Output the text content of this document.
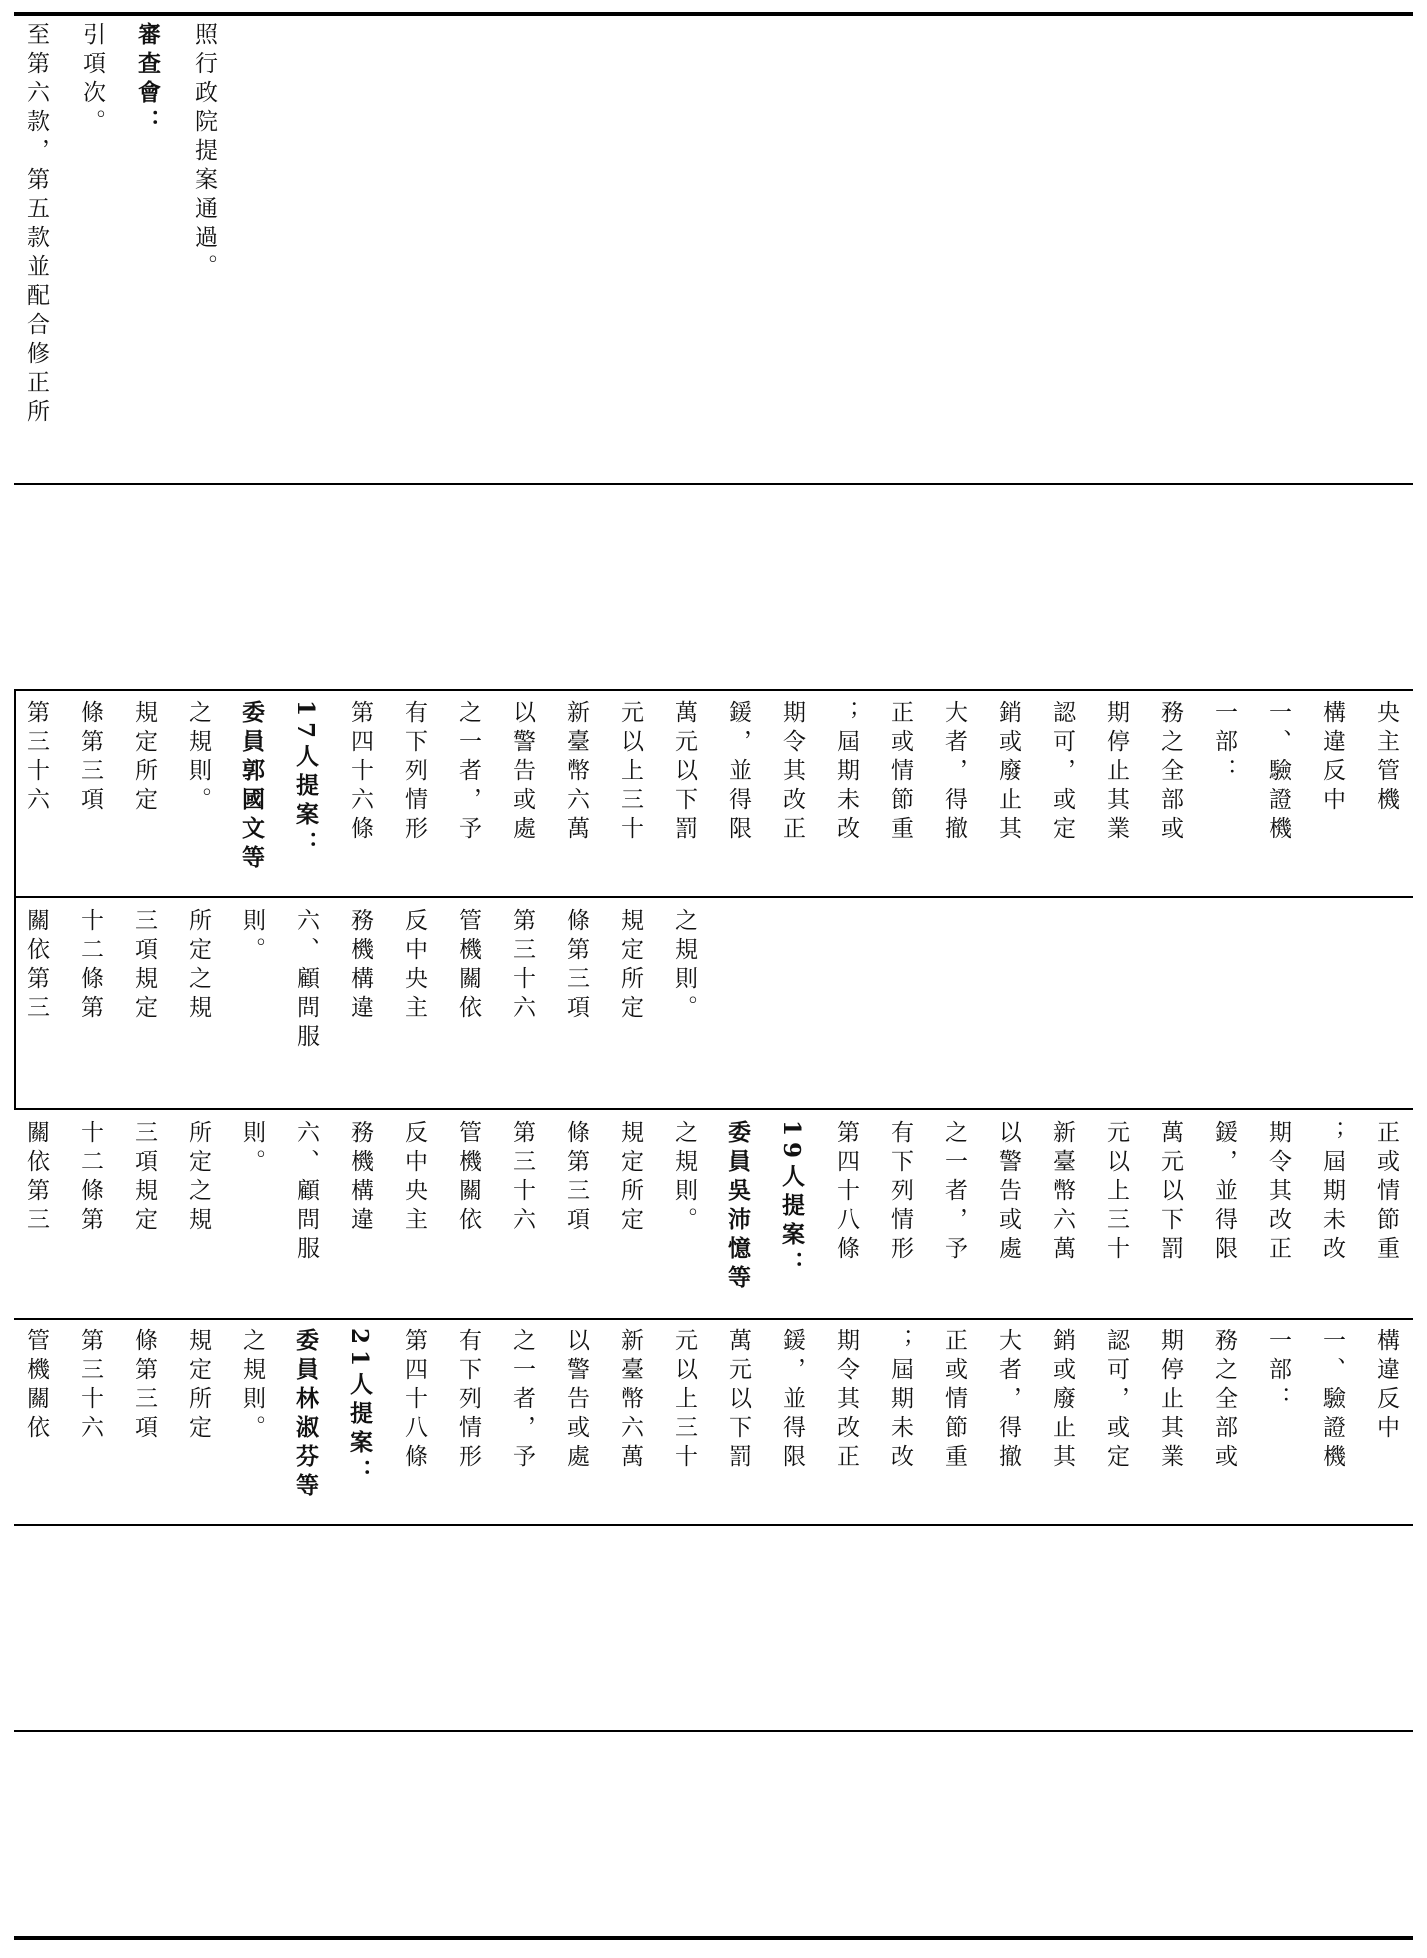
至第六款，第五款並配合修正所 引項次。 審查會： 照行政院提案通過。
第三十六 條第三項 規定所定 之規則。 委員郭國文等 17人提案： 第四十六條 有下列情形 之一者，予 以警告或處 新臺幣六萬 元以上三十 萬元以下罰 鍰，並得限 期令其改正 ；屆期未改 正或情節重 大者，得撤 銷或廢止其 認可，或定 期停止其業 務之全部或 一部： 一、驗證機 構違反中 央主管機
關依第三 十二條第 三項規定 所定之規 則。 六、顧問服 務機構違 反中央主 管機關依 第三十六 條第三項 規定所定 之規則。
關依第三 十二條第 三項規定 所定之規 則。 六、顧問服 務機構違 反中央主 管機關依 第三十六 條第三項 規定所定 之規則。 委員吳沛憶等 19人提案： 第四十八條 有下列情形 之一者，予 以警告或處 新臺幣六萬 元以上三十 萬元以下罰 鍰，並得限 期令其改正 ；屆期未改 正或情節重
管機關依 第三十六 條第三項 規定所定 之規則。 委員林淑芬等 21人提案： 第四十八條 有下列情形 之一者，予 以警告或處 新臺幣六萬 元以上三十 萬元以下罰 鍰，並得限 期令其改正 ；屆期未改 正或情節重 大者，得撤 銷或廢止其 認可，或定 期停止其業 務之全部或 一部： 一、驗證機 構違反中
